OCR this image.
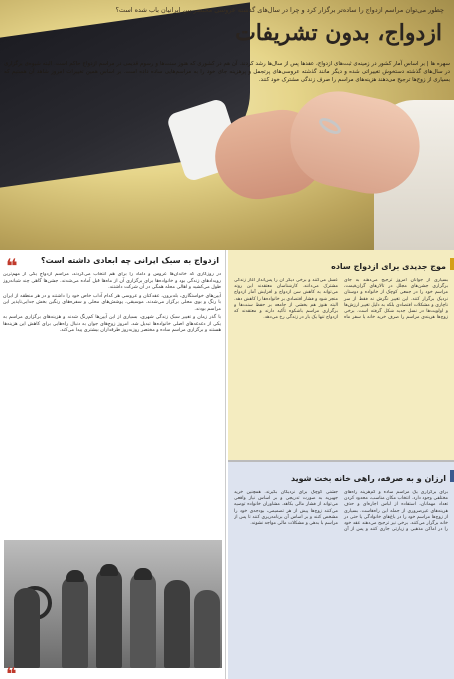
چطور می‌توان مراسم ازدواج را ساده‌تر برگزار کرد و چرا در سال‌های گذشته عروسی مختصر بین ایرانیان باب شده است؟
ازدواج، بدون تشریفات
سهره ها | بر اساس آمار کشور در زمینه‌ی ثبت‌های ازدواج، عقد‌ها پس از سال‌ها رشد کردند. آن هم در کشوری که هنوز سنت‌ها و رسوم قدیمی در مراسم ازدواج حاکم است. البته شیوه‌ی برگزاری در سال‌های گذشته دستخوش تغییراتی شده و دیگر مانند گذشته عروسی‌های پرتجمل و پرهزینه جای خود را به مراسم‌هایی ساده داده است. بر اساس همین تغییرات امروز شاهد آن هستیم که بسیاری از زوج‌ها ترجیح می‌دهند هزینه‌های مراسم را صرف زندگی مشترک خود کنند.
❝	ازدواج به سبک ایرانی چه ابعادی داشته است؟

در روزگاری که خاندان‌ها عروس و داماد را برای هم انتخاب می‌کردند، مراسم ازدواج یکی از مهم‌ترین رویدادهای زندگی بود و خانواده‌ها برای برگزاری آن از ماه‌ها قبل آماده می‌شدند. جشن‌ها گاهی چند شبانه‌روز طول می‌کشید و اهالی محله همگی در آن شرکت داشتند.

آیین‌های خواستگاری، بله‌برون، عقدکنان و عروسی هر کدام آداب خاص خود را داشتند و در هر منطقه از ایران با رنگ و بوی محلی برگزار می‌شدند. موسیقی، پوشش‌های محلی و سفره‌های رنگین بخش جدایی‌ناپذیر این مراسم بودند.

با گذر زمان و تغییر سبک زندگی شهری، بسیاری از این آیین‌ها کم‌رنگ شدند و هزینه‌های برگزاری مراسم به یکی از دغدغه‌های اصلی خانواده‌ها تبدیل شد. امروز زوج‌های جوان به دنبال راه‌هایی برای کاهش این هزینه‌ها هستند و برگزاری مراسم ساده و مختصر روزبه‌روز طرفداران بیشتری پیدا می‌کند.

❝
موج جدیدی برای ازدواج ساده
بسیاری از جوانان امروز ترجیح می‌دهند به جای برگزاری جشن‌های مجلل در تالارهای گران‌قیمت، مراسم خود را در جمعی کوچک از خانواده و دوستان نزدیک برگزار کنند. این تغییر نگرش نه فقط از سر ناچاری و مشکلات اقتصادی بلکه به دلیل تغییر ارزش‌ها و اولویت‌ها در نسل جدید شکل گرفته است. برخی زوج‌ها هزینه‌ی مراسم را صرف خرید خانه یا سفر ماه عسل می‌کنند و برخی دیگر آن را پس‌انداز آغاز زندگی مشترک می‌دانند. کارشناسان معتقدند این روند می‌تواند به کاهش سن ازدواج و افزایش آمار ازدواج منجر شود و فشار اقتصادی بر خانواده‌ها را کاهش دهد. البته هنوز هم بخشی از جامعه بر حفظ سنت‌ها و برگزاری مراسم باشکوه تأکید دارند و معتقدند که ازدواج تنها یک بار در زندگی رخ می‌دهد.
ارزان و به صرفه، راهی خانه بخت شوید
برای برگزاری یک مراسم ساده و کم‌هزینه راه‌های مختلفی وجود دارد. انتخاب مکان مناسب، محدود کردن تعداد مهمانان، استفاده از لباس اجاره‌ای و حذف هزینه‌های غیرضروری از جمله این راه‌هاست. بسیاری از زوج‌ها مراسم خود را در باغ‌های خانوادگی یا حتی در خانه برگزار می‌کنند. برخی نیز ترجیح می‌دهند عقد خود را در اماکن مذهبی و زیارتی جاری کنند و پس از آن جشنی کوچک برای نزدیکان بگیرند. همچنین خرید جهیزیه به صورت تدریجی و بر اساس نیاز واقعی می‌تواند از فشار مالی بکاهد. مشاوران خانواده توصیه می‌کنند زوج‌ها پیش از هر تصمیمی، بودجه‌ی خود را مشخص کنند و بر اساس آن برنامه‌ریزی کنند تا پس از مراسم با بدهی و مشکلات مالی مواجه نشوند.
